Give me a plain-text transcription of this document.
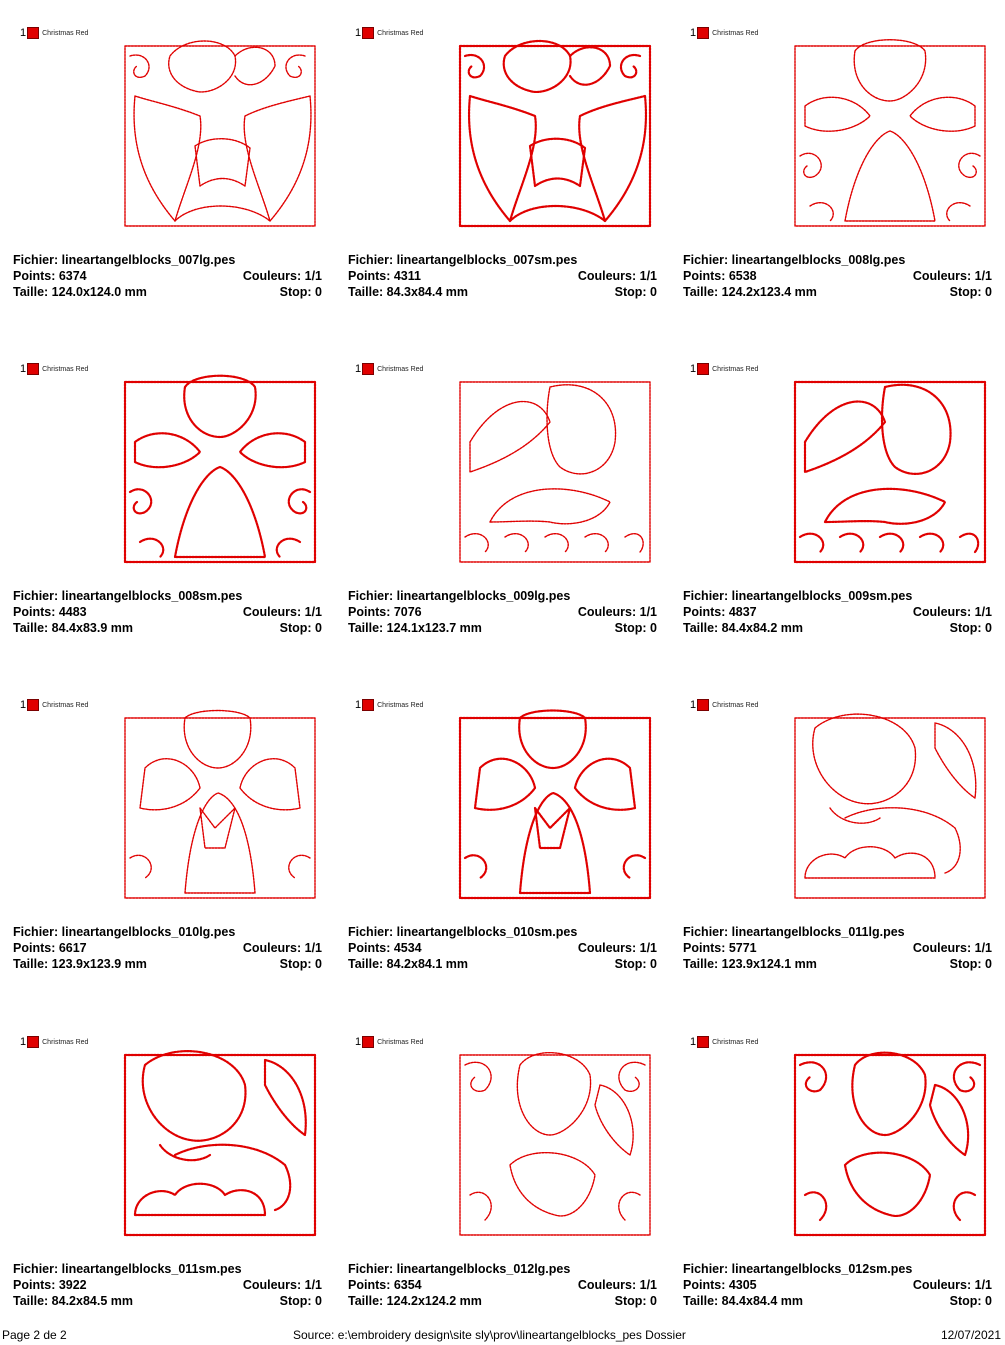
1 Christmas Red
Fichier: lineartangelblocks_007lg.pes
Points: 6374	Couleurs: 1/1
Taille: 124.0x124.0 mm	Stop: 0
1 Christmas Red
Fichier: lineartangelblocks_007sm.pes
Points: 4311	Couleurs: 1/1
Taille: 84.3x84.4 mm	Stop: 0
1 Christmas Red
Fichier: lineartangelblocks_008lg.pes
Points: 6538	Couleurs: 1/1
Taille: 124.2x123.4 mm	Stop: 0
1 Christmas Red
Fichier: lineartangelblocks_008sm.pes
Points: 4483	Couleurs: 1/1
Taille: 84.4x83.9 mm	Stop: 0
1 Christmas Red
Fichier: lineartangelblocks_009lg.pes
Points: 7076	Couleurs: 1/1
Taille: 124.1x123.7 mm	Stop: 0
1 Christmas Red
Fichier: lineartangelblocks_009sm.pes
Points: 4837	Couleurs: 1/1
Taille: 84.4x84.2 mm	Stop: 0
1 Christmas Red
Fichier: lineartangelblocks_010lg.pes
Points: 6617	Couleurs: 1/1
Taille: 123.9x123.9 mm	Stop: 0
1 Christmas Red
Fichier: lineartangelblocks_010sm.pes
Points: 4534	Couleurs: 1/1
Taille: 84.2x84.1 mm	Stop: 0
1 Christmas Red
Fichier: lineartangelblocks_011lg.pes
Points: 5771	Couleurs: 1/1
Taille: 123.9x124.1 mm	Stop: 0
1 Christmas Red
Fichier: lineartangelblocks_011sm.pes
Points: 3922	Couleurs: 1/1
Taille: 84.2x84.5 mm	Stop: 0
1 Christmas Red
Fichier: lineartangelblocks_012lg.pes
Points: 6354	Couleurs: 1/1
Taille: 124.2x124.2 mm	Stop: 0
1 Christmas Red
Fichier: lineartangelblocks_012sm.pes
Points: 4305	Couleurs: 1/1
Taille: 84.4x84.4 mm	Stop: 0
Page 2 de 2	Source: e:\embroidery design\site sly\prov\lineartangelblocks_pes Dossier	12/07/2021
